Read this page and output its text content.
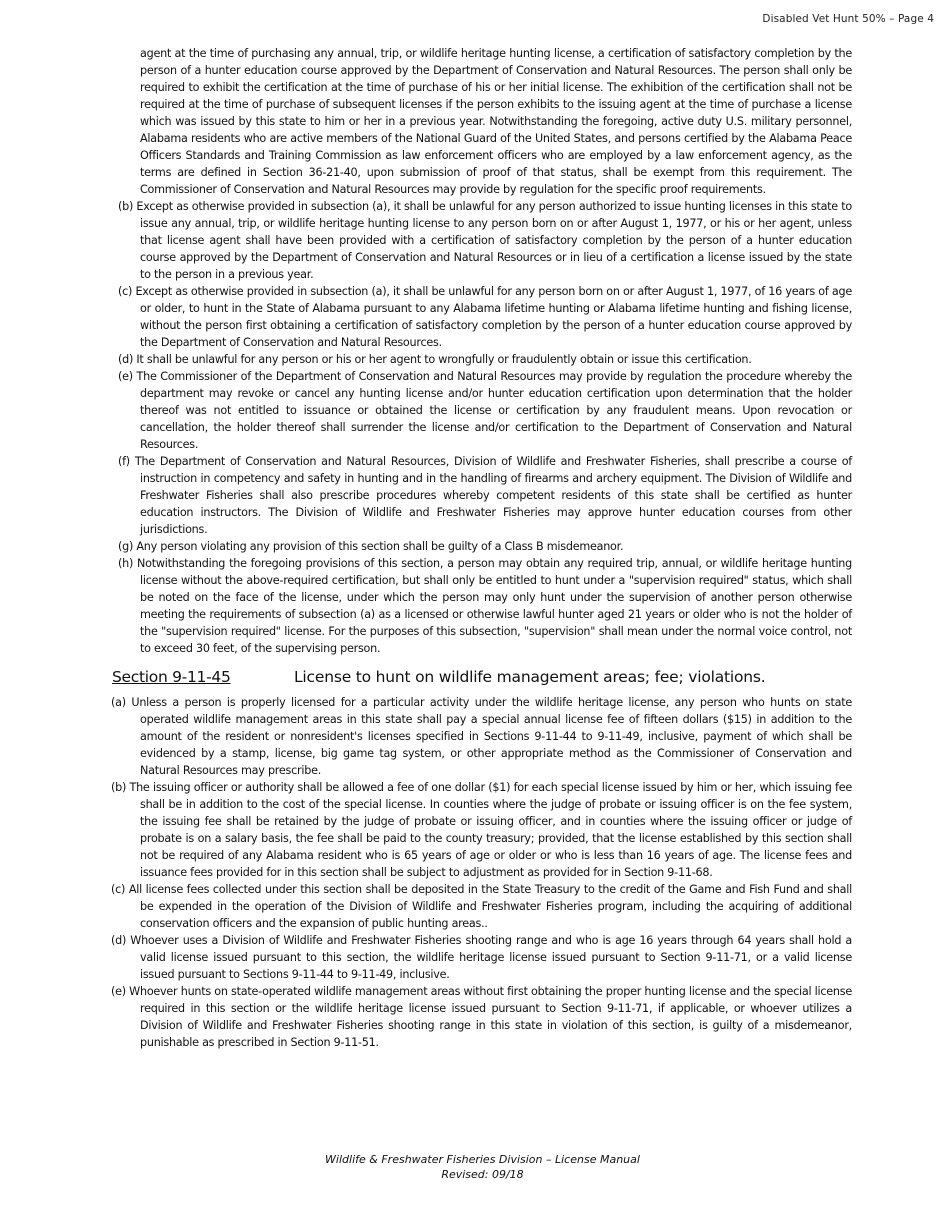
Disabled Vet Hunt 50% – Page 4

agent at the time of purchasing any annual, trip, or wildlife heritage hunting license, a certification of satisfactory completion by the person of a hunter education course approved by the Department of Conservation and Natural Resources. The person shall only be required to exhibit the certification at the time of purchase of his or her initial license. The exhibition of the certification shall not be required at the time of purchase of subsequent licenses if the person exhibits to the issuing agent at the time of purchase a license which was issued by this state to him or her in a previous year. Notwithstanding the foregoing, active duty U.S. military personnel, Alabama residents who are active members of the National Guard of the United States, and persons certified by the Alabama Peace Officers Standards and Training Commission as law enforcement officers who are employed by a law enforcement agency, as the terms are defined in Section 36-21-40, upon submission of proof of that status, shall be exempt from this requirement. The Commissioner of Conservation and Natural Resources may provide by regulation for the specific proof requirements.

(b) Except as otherwise provided in subsection (a), it shall be unlawful for any person authorized to issue hunting licenses in this state to issue any annual, trip, or wildlife heritage hunting license to any person born on or after August 1, 1977, or his or her agent, unless that license agent shall have been provided with a certification of satisfactory completion by the person of a hunter education course approved by the Department of Conservation and Natural Resources or in lieu of a certification a license issued by the state to the person in a previous year.

(c) Except as otherwise provided in subsection (a), it shall be unlawful for any person born on or after August 1, 1977, of 16 years of age or older, to hunt in the State of Alabama pursuant to any Alabama lifetime hunting or Alabama lifetime hunting and fishing license, without the person first obtaining a certification of satisfactory completion by the person of a hunter education course approved by the Department of Conservation and Natural Resources.

(d) It shall be unlawful for any person or his or her agent to wrongfully or fraudulently obtain or issue this certification.

(e) The Commissioner of the Department of Conservation and Natural Resources may provide by regulation the procedure whereby the department may revoke or cancel any hunting license and/or hunter education certification upon determination that the holder thereof was not entitled to issuance or obtained the license or certification by any fraudulent means. Upon revocation or cancellation, the holder thereof shall surrender the license and/or certification to the Department of Conservation and Natural Resources.

(f) The Department of Conservation and Natural Resources, Division of Wildlife and Freshwater Fisheries, shall prescribe a course of instruction in competency and safety in hunting and in the handling of firearms and archery equipment. The Division of Wildlife and Freshwater Fisheries shall also prescribe procedures whereby competent residents of this state shall be certified as hunter education instructors. The Division of Wildlife and Freshwater Fisheries may approve hunter education courses from other jurisdictions.

(g) Any person violating any provision of this section shall be guilty of a Class B misdemeanor.

(h) Notwithstanding the foregoing provisions of this section, a person may obtain any required trip, annual, or wildlife heritage hunting license without the above-required certification, but shall only be entitled to hunt under a "supervision required" status, which shall be noted on the face of the license, under which the person may only hunt under the supervision of another person otherwise meeting the requirements of subsection (a) as a licensed or otherwise lawful hunter aged 21 years or older who is not the holder of the "supervision required" license. For the purposes of this subsection, "supervision" shall mean under the normal voice control, not to exceed 30 feet, of the supervising person.

Section 9-11-45	License to hunt on wildlife management areas; fee; violations.

(a) Unless a person is properly licensed for a particular activity under the wildlife heritage license, any person who hunts on state operated wildlife management areas in this state shall pay a special annual license fee of fifteen dollars ($15) in addition to the amount of the resident or nonresident's licenses specified in Sections 9-11-44 to 9-11-49, inclusive, payment of which shall be evidenced by a stamp, license, big game tag system, or other appropriate method as the Commissioner of Conservation and Natural Resources may prescribe.

(b) The issuing officer or authority shall be allowed a fee of one dollar ($1) for each special license issued by him or her, which issuing fee shall be in addition to the cost of the special license. In counties where the judge of probate or issuing officer is on the fee system, the issuing fee shall be retained by the judge of probate or issuing officer, and in counties where the issuing officer or judge of probate is on a salary basis, the fee shall be paid to the county treasury; provided, that the license established by this section shall not be required of any Alabama resident who is 65 years of age or older or who is less than 16 years of age. The license fees and issuance fees provided for in this section shall be subject to adjustment as provided for in Section 9-11-68.

(c) All license fees collected under this section shall be deposited in the State Treasury to the credit of the Game and Fish Fund and shall be expended in the operation of the Division of Wildlife and Freshwater Fisheries program, including the acquiring of additional conservation officers and the expansion of public hunting areas..

(d) Whoever uses a Division of Wildlife and Freshwater Fisheries shooting range and who is age 16 years through 64 years shall hold a valid license issued pursuant to this section, the wildlife heritage license issued pursuant to Section 9-11-71, or a valid license issued pursuant to Sections 9-11-44 to 9-11-49, inclusive.

(e) Whoever hunts on state-operated wildlife management areas without first obtaining the proper hunting license and the special license required in this section or the wildlife heritage license issued pursuant to Section 9-11-71, if applicable, or whoever utilizes a Division of Wildlife and Freshwater Fisheries shooting range in this state in violation of this section, is guilty of a misdemeanor, punishable as prescribed in Section 9-11-51.

Wildlife & Freshwater Fisheries Division – License Manual
Revised: 09/18
